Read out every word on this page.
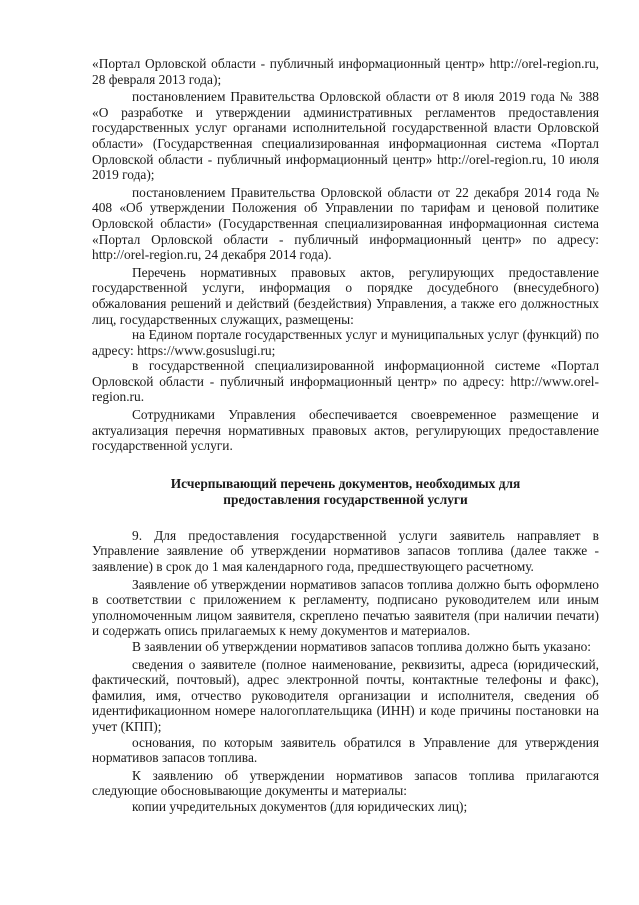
«Портал Орловской области - публичный информационный центр» http://orel-region.ru, 28 февраля 2013 года);

постановлением Правительства Орловской области от 8 июля 2019 года № 388 «О разработке и утверждении административных регламентов предоставления государственных услуг органами исполнительной государственной власти Орловской области» (Государственная специализированная информационная система «Портал Орловской области - публичный информационный центр» http://orel-region.ru, 10 июля 2019 года);

постановлением Правительства Орловской области от 22 декабря 2014 года № 408 «Об утверждении Положения об Управлении по тарифам и ценовой политике Орловской области» (Государственная специализированная информационная система «Портал Орловской области - публичный информационный центр» по адресу: http://orel-region.ru, 24 декабря 2014 года).

Перечень нормативных правовых актов, регулирующих предоставление государственной услуги, информация о порядке досудебного (внесудебного) обжалования решений и действий (бездействия) Управления, а также его должностных лиц, государственных служащих, размещены:

на Едином портале государственных услуг и муниципальных услуг (функций) по адресу: https://www.gosuslugi.ru;

в государственной специализированной информационной системе «Портал Орловской области - публичный информационный центр» по адресу: http://www.orel-region.ru.

Сотрудниками Управления обеспечивается своевременное размещение и актуализация перечня нормативных правовых актов, регулирующих предоставление государственной услуги.

Исчерпывающий перечень документов, необходимых для
предоставления государственной услуги

9. Для предоставления государственной услуги заявитель направляет в Управление заявление об утверждении нормативов запасов топлива (далее также - заявление) в срок до 1 мая календарного года, предшествующего расчетному.

Заявление об утверждении нормативов запасов топлива должно быть оформлено в соответствии с приложением к регламенту, подписано руководителем или иным уполномоченным лицом заявителя, скреплено печатью заявителя (при наличии печати) и содержать опись прилагаемых к нему документов и материалов.

В заявлении об утверждении нормативов запасов топлива должно быть указано:

сведения о заявителе (полное наименование, реквизиты, адреса (юридический, фактический, почтовый), адрес электронной почты, контактные телефоны и факс), фамилия, имя, отчество руководителя организации и исполнителя, сведения об идентификационном номере налогоплательщика (ИНН) и коде причины постановки на учет (КПП);

основания, по которым заявитель обратился в Управление для утверждения нормативов запасов топлива.

К заявлению об утверждении нормативов запасов топлива прилагаются следующие обосновывающие документы и материалы:

копии учредительных документов (для юридических лиц);
